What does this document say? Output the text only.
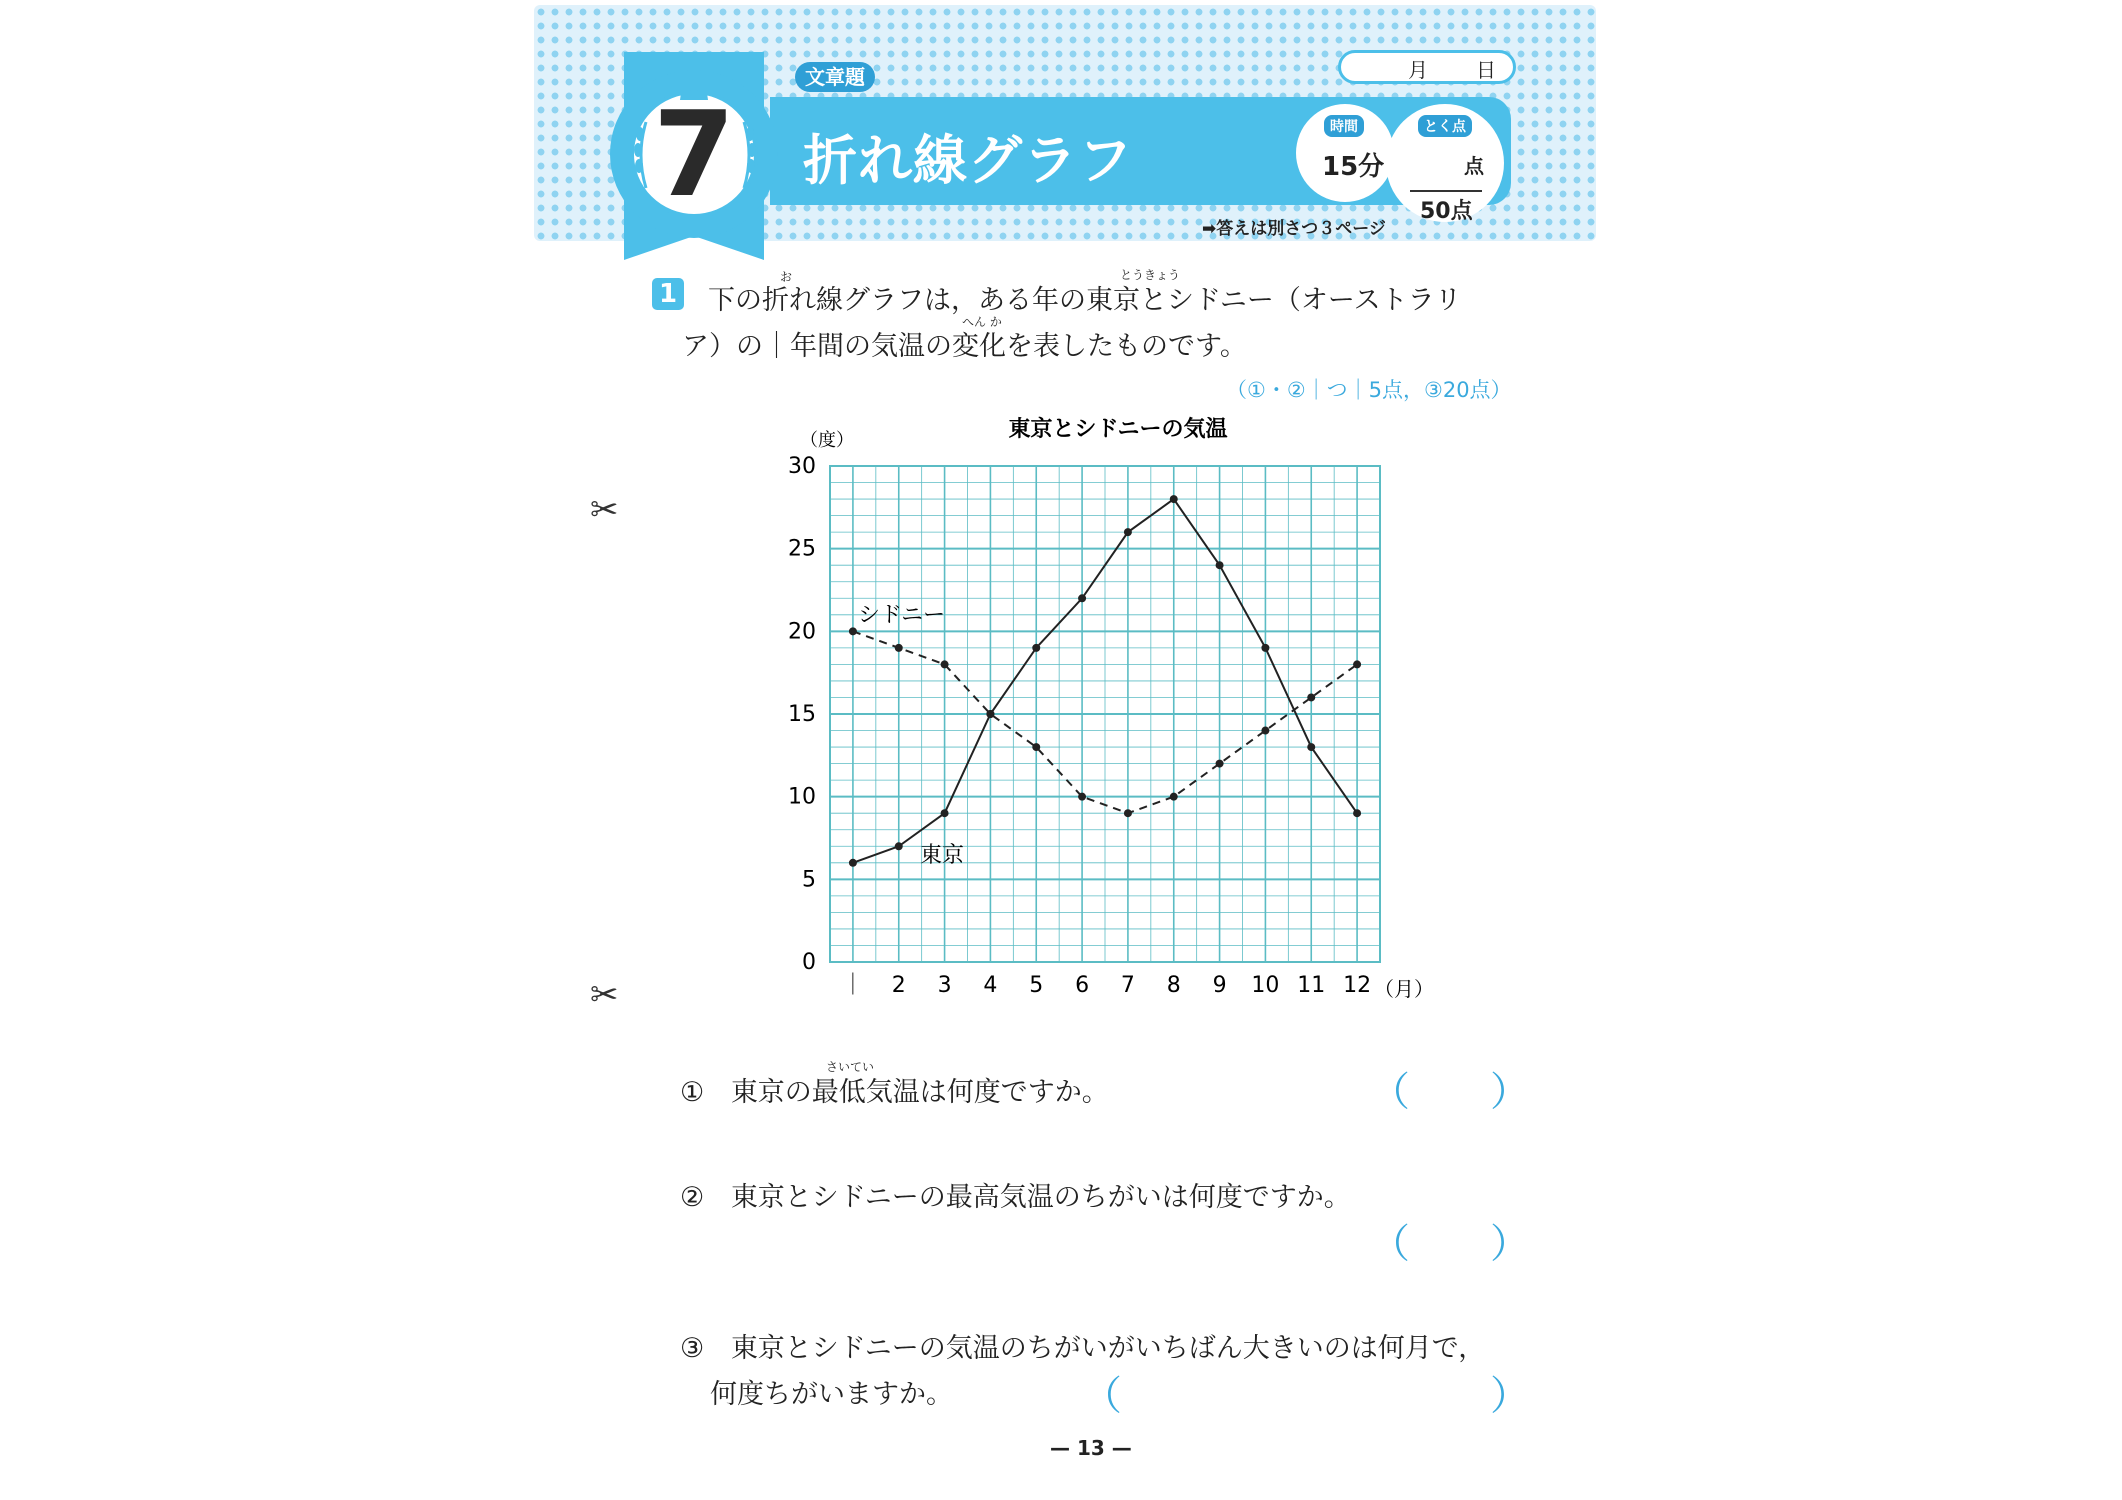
折れ線グラフ
文章題	月 日
7	時間	とく点
15分	点
50点
➡答えは別さつ３ページ
1
お	とうきょう
下の折れ線グラフは，ある年の東京とシドニー（オーストラリ
へん か
ア）の｜年間の気温の変化を表したものです。
（①・②｜つ｜5点，③20点）
✂
✂
0
5
10
15
20
25
30
｜ 2 3 4 5 6 7 8 9 10 11 12
東京とシドニーの気温
（度）
（月）
シドニー
東京
さいてい
① 東京の最低気温は何度ですか。	（ ）
② 東京とシドニーの最高気温のちがいは何度ですか。
（ ）
③ 東京とシドニーの気温のちがいがいちばん大きいのは何月で，
何度ちがいますか。	（	）
— 13 —
